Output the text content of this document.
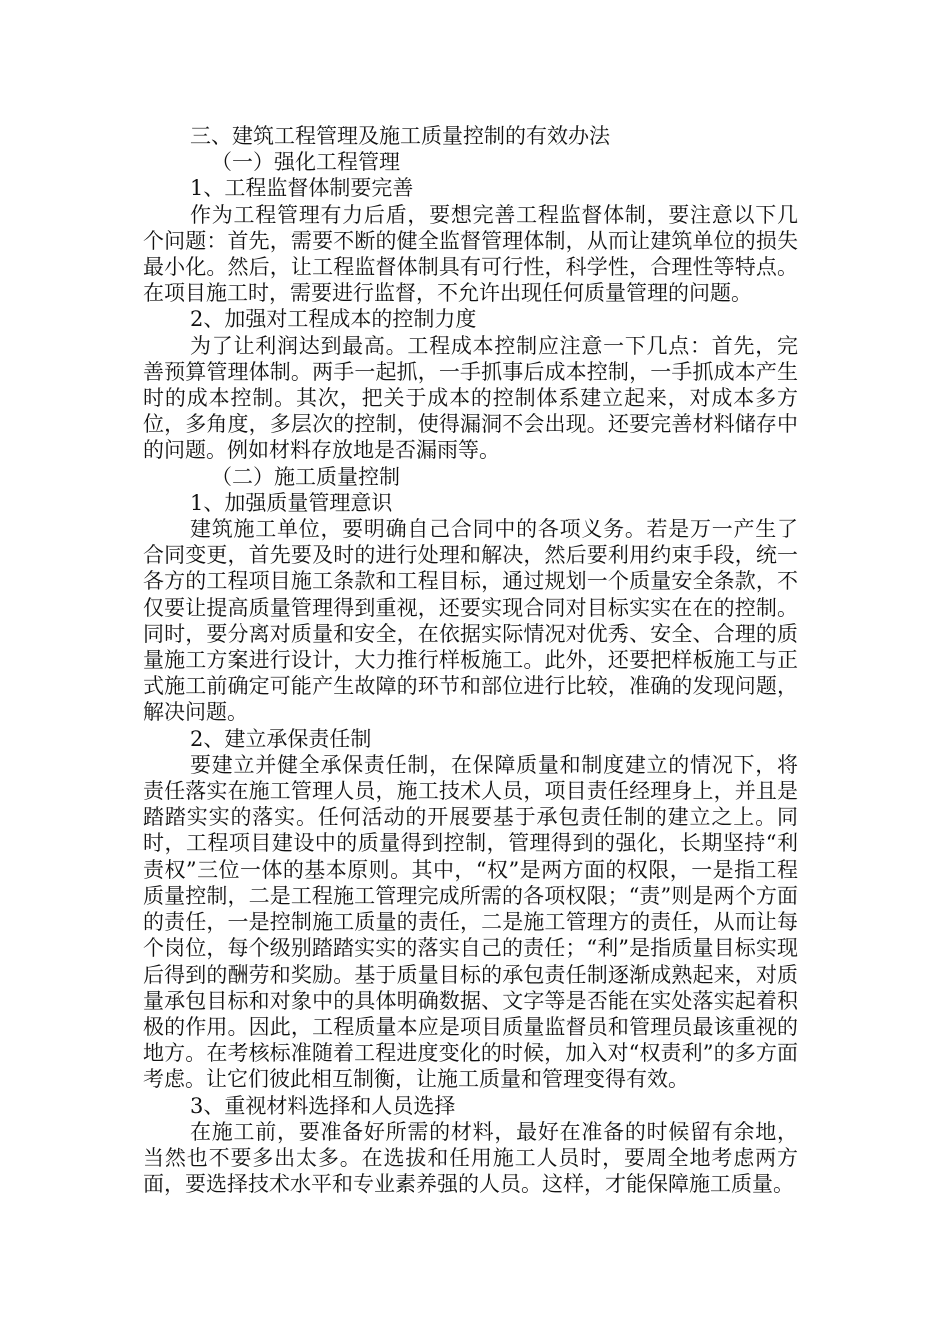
三、建筑工程管理及施工质量控制的有效办法

（一）强化工程管理

1、工程监督体制要完善

作为工程管理有力后盾，要想完善工程监督体制，要注意以下几个问题：首先，需要不断的健全监督管理体制，从而让建筑单位的损失最小化。然后，让工程监督体制具有可行性，科学性，合理性等特点。在项目施工时，需要进行监督，不允许出现任何质量管理的问题。

2、加强对工程成本的控制力度

为了让利润达到最高。工程成本控制应注意一下几点：首先，完善预算管理体制。两手一起抓，一手抓事后成本控制，一手抓成本产生时的成本控制。其次，把关于成本的控制体系建立起来，对成本多方位，多角度，多层次的控制，使得漏洞不会出现。还要完善材料储存中的问题。例如材料存放地是否漏雨等。

（二）施工质量控制

1、加强质量管理意识

建筑施工单位，要明确自己合同中的各项义务。若是万一产生了合同变更，首先要及时的进行处理和解决，然后要利用约束手段，统一各方的工程项目施工条款和工程目标，通过规划一个质量安全条款，不仅要让提高质量管理得到重视，还要实现合同对目标实实在在的控制。同时，要分离对质量和安全，在依据实际情况对优秀、安全、合理的质量施工方案进行设计，大力推行样板施工。此外，还要把样板施工与正式施工前确定可能产生故障的环节和部位进行比较，准确的发现问题，解决问题。

2、建立承保责任制

要建立并健全承保责任制，在保障质量和制度建立的情况下，将责任落实在施工管理人员，施工技术人员，项目责任经理身上，并且是踏踏实实的落实。任何活动的开展要基于承包责任制的建立之上。同时，工程项目建设中的质量得到控制，管理得到的强化，长期坚持“利责权”三位一体的基本原则。其中，“权”是两方面的权限，一是指工程质量控制，二是工程施工管理完成所需的各项权限；“责”则是两个方面的责任，一是控制施工质量的责任，二是施工管理方的责任，从而让每个岗位，每个级别踏踏实实的落实自己的责任；“利”是指质量目标实现后得到的酬劳和奖励。基于质量目标的承包责任制逐渐成熟起来，对质量承包目标和对象中的具体明确数据、文字等是否能在实处落实起着积极的作用。因此，工程质量本应是项目质量监督员和管理员最该重视的地方。在考核标准随着工程进度变化的时候，加入对“权责利”的多方面考虑。让它们彼此相互制衡，让施工质量和管理变得有效。

3、重视材料选择和人员选择

在施工前，要准备好所需的材料，最好在准备的时候留有余地，当然也不要多出太多。在选拔和任用施工人员时，要周全地考虑两方面，要选择技术水平和专业素养强的人员。这样，才能保障施工质量。
